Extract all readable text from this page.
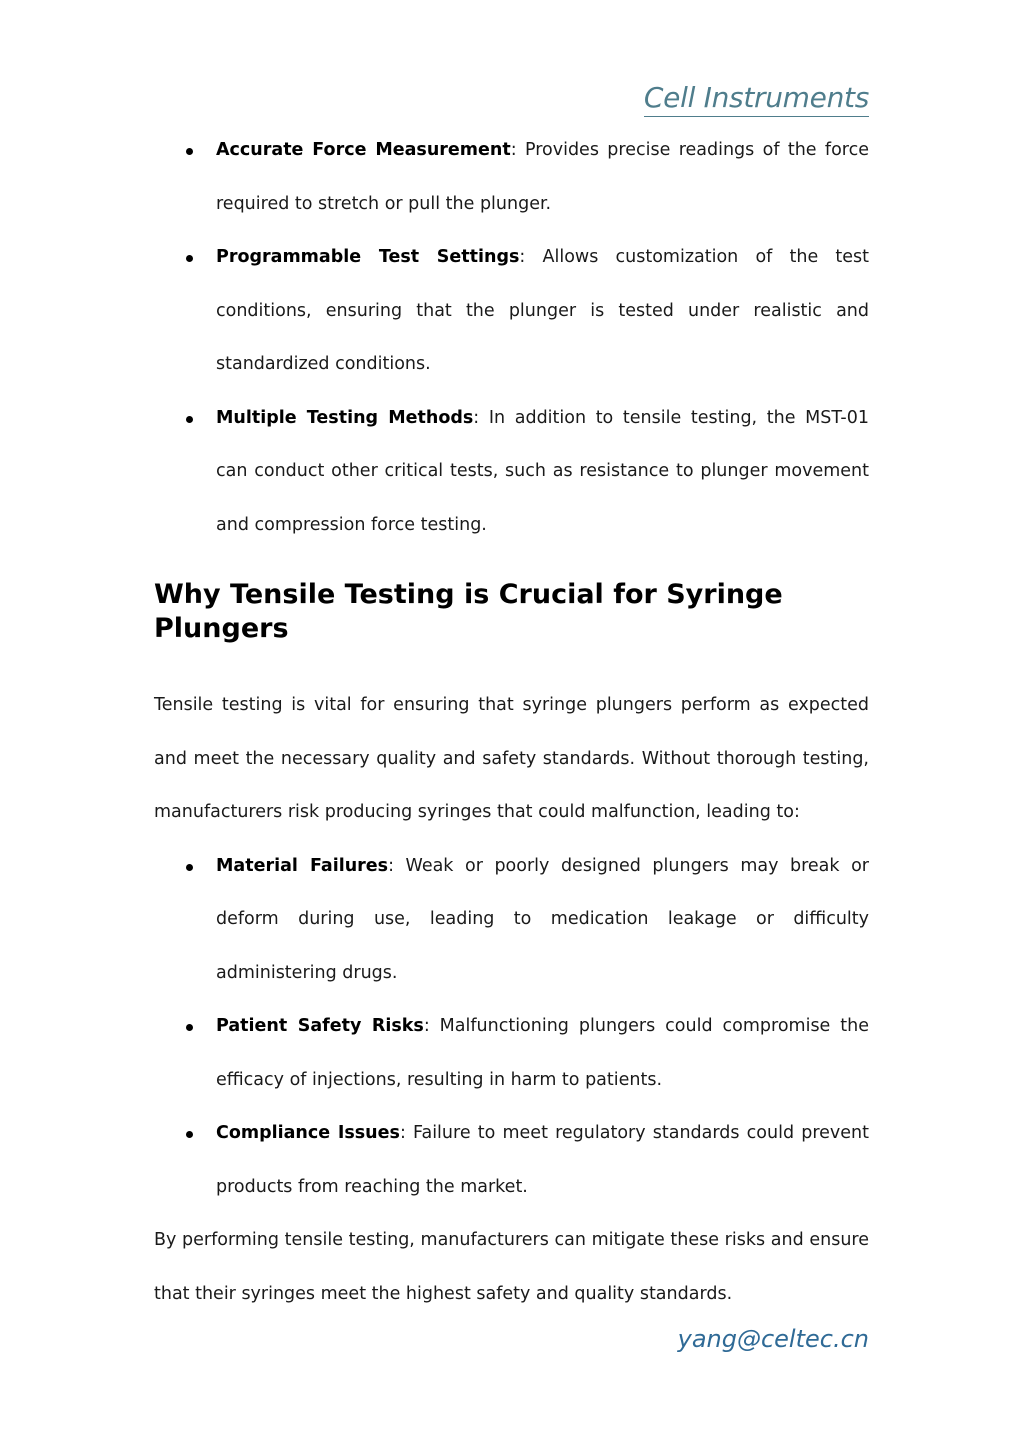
Cell Instruments

Accurate Force Measurement: Provides precise readings of the force required to stretch or pull the plunger.

Programmable Test Settings: Allows customization of the test conditions, ensuring that the plunger is tested under realistic and standardized conditions.

Multiple Testing Methods: In addition to tensile testing, the MST-01 can conduct other critical tests, such as resistance to plunger movement and compression force testing.

Why Tensile Testing is Crucial for Syringe Plungers

Tensile testing is vital for ensuring that syringe plungers perform as expected and meet the necessary quality and safety standards. Without thorough testing, manufacturers risk producing syringes that could malfunction, leading to:

Material Failures: Weak or poorly designed plungers may break or deform during use, leading to medication leakage or difficulty administering drugs.

Patient Safety Risks: Malfunctioning plungers could compromise the efficacy of injections, resulting in harm to patients.

Compliance Issues: Failure to meet regulatory standards could prevent products from reaching the market.

By performing tensile testing, manufacturers can mitigate these risks and ensure that their syringes meet the highest safety and quality standards.

yang@celtec.cn
